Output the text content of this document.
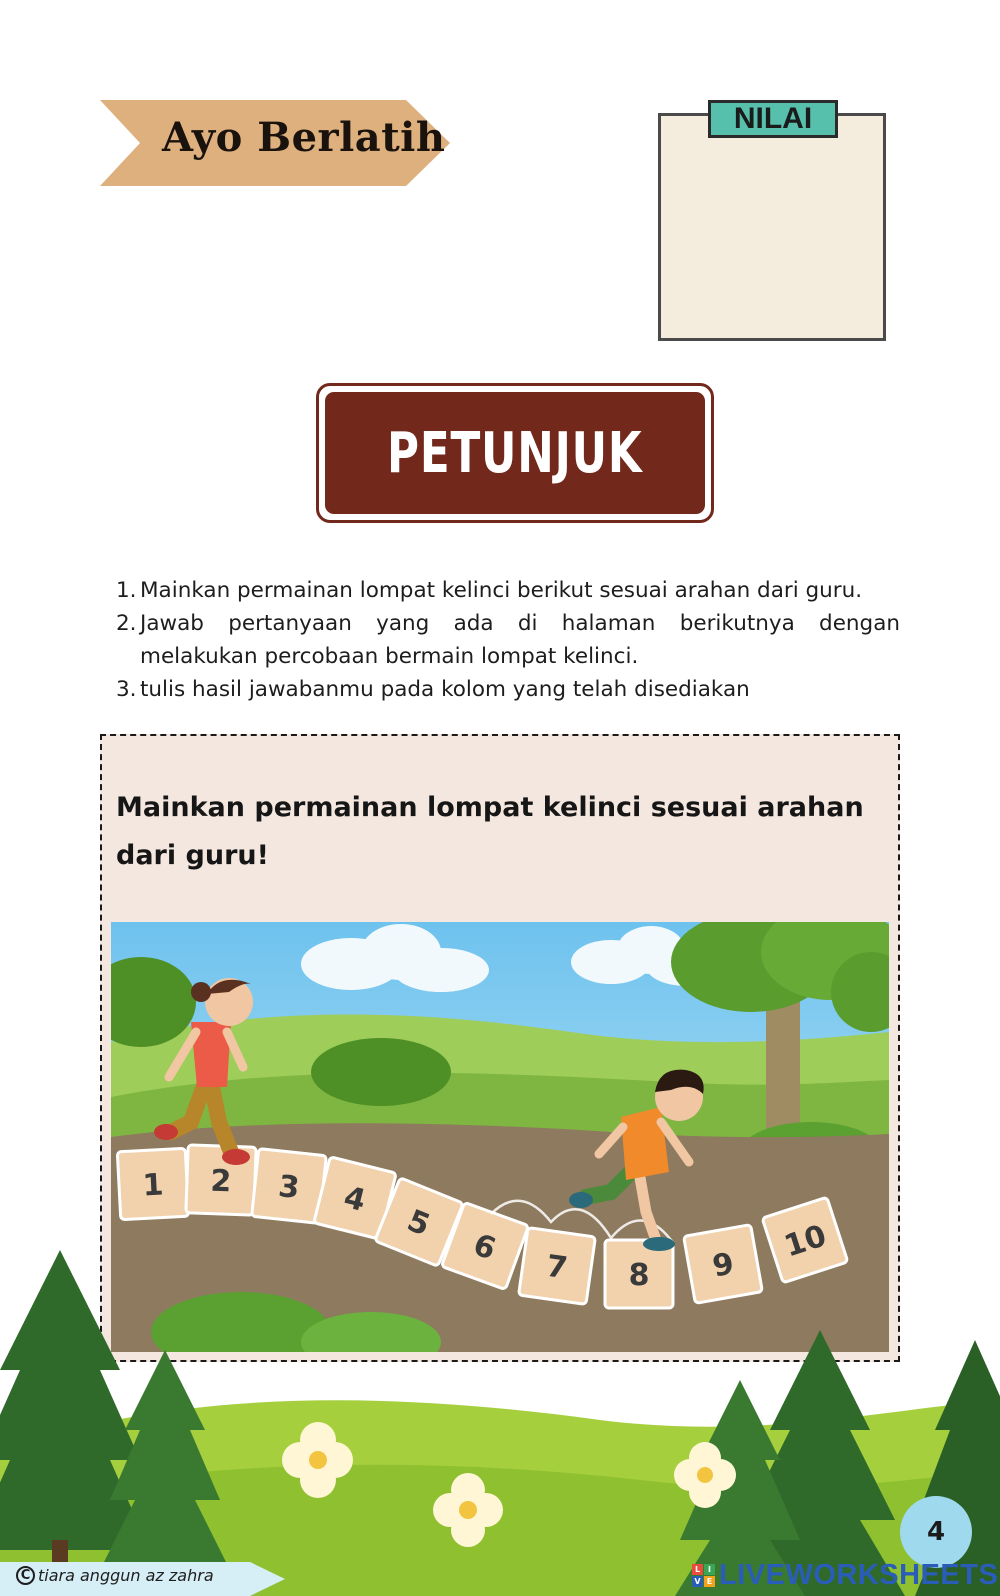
Ayo Berlatih	NILAI
PETUNJUK
1. Mainkan permainan lompat kelinci berikut sesuai arahan dari guru.
2. Jawab pertanyaan yang ada di halaman berikutnya dengan melakukan percobaan bermain lompat kelinci.
3. tulis hasil jawabanmu pada kolom yang telah disediakan
Mainkan permainan lompat kelinci sesuai arahan dari guru!
1 2 3 4
5
6
7 8 9
10
C tiara anggun az zahra
4
L I
V E LIVEWORKSHEETS
